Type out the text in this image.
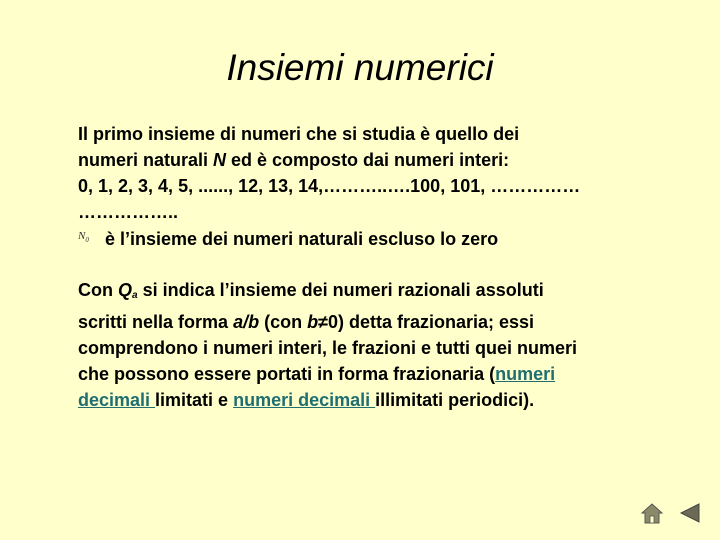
Insiemi numerici

Il primo insieme di numeri che si studia è quello dei

numeri naturali N ed è composto dai numeri interi:

0, 1, 2, 3, 4, 5, ......, 12, 13, 14,………..….100, 101, ……………

……………..

$N_0$ è l’insieme dei numeri naturali escluso lo zero

Con Qa si indica l’insieme dei numeri razionali assoluti

scritti nella forma a/b (con b≠0) detta frazionaria; essi

comprendono i numeri interi, le frazioni e tutti quei numeri

che possono essere portati in forma frazionaria (numeri

decimali limitati e numeri decimali illimitati periodici).
